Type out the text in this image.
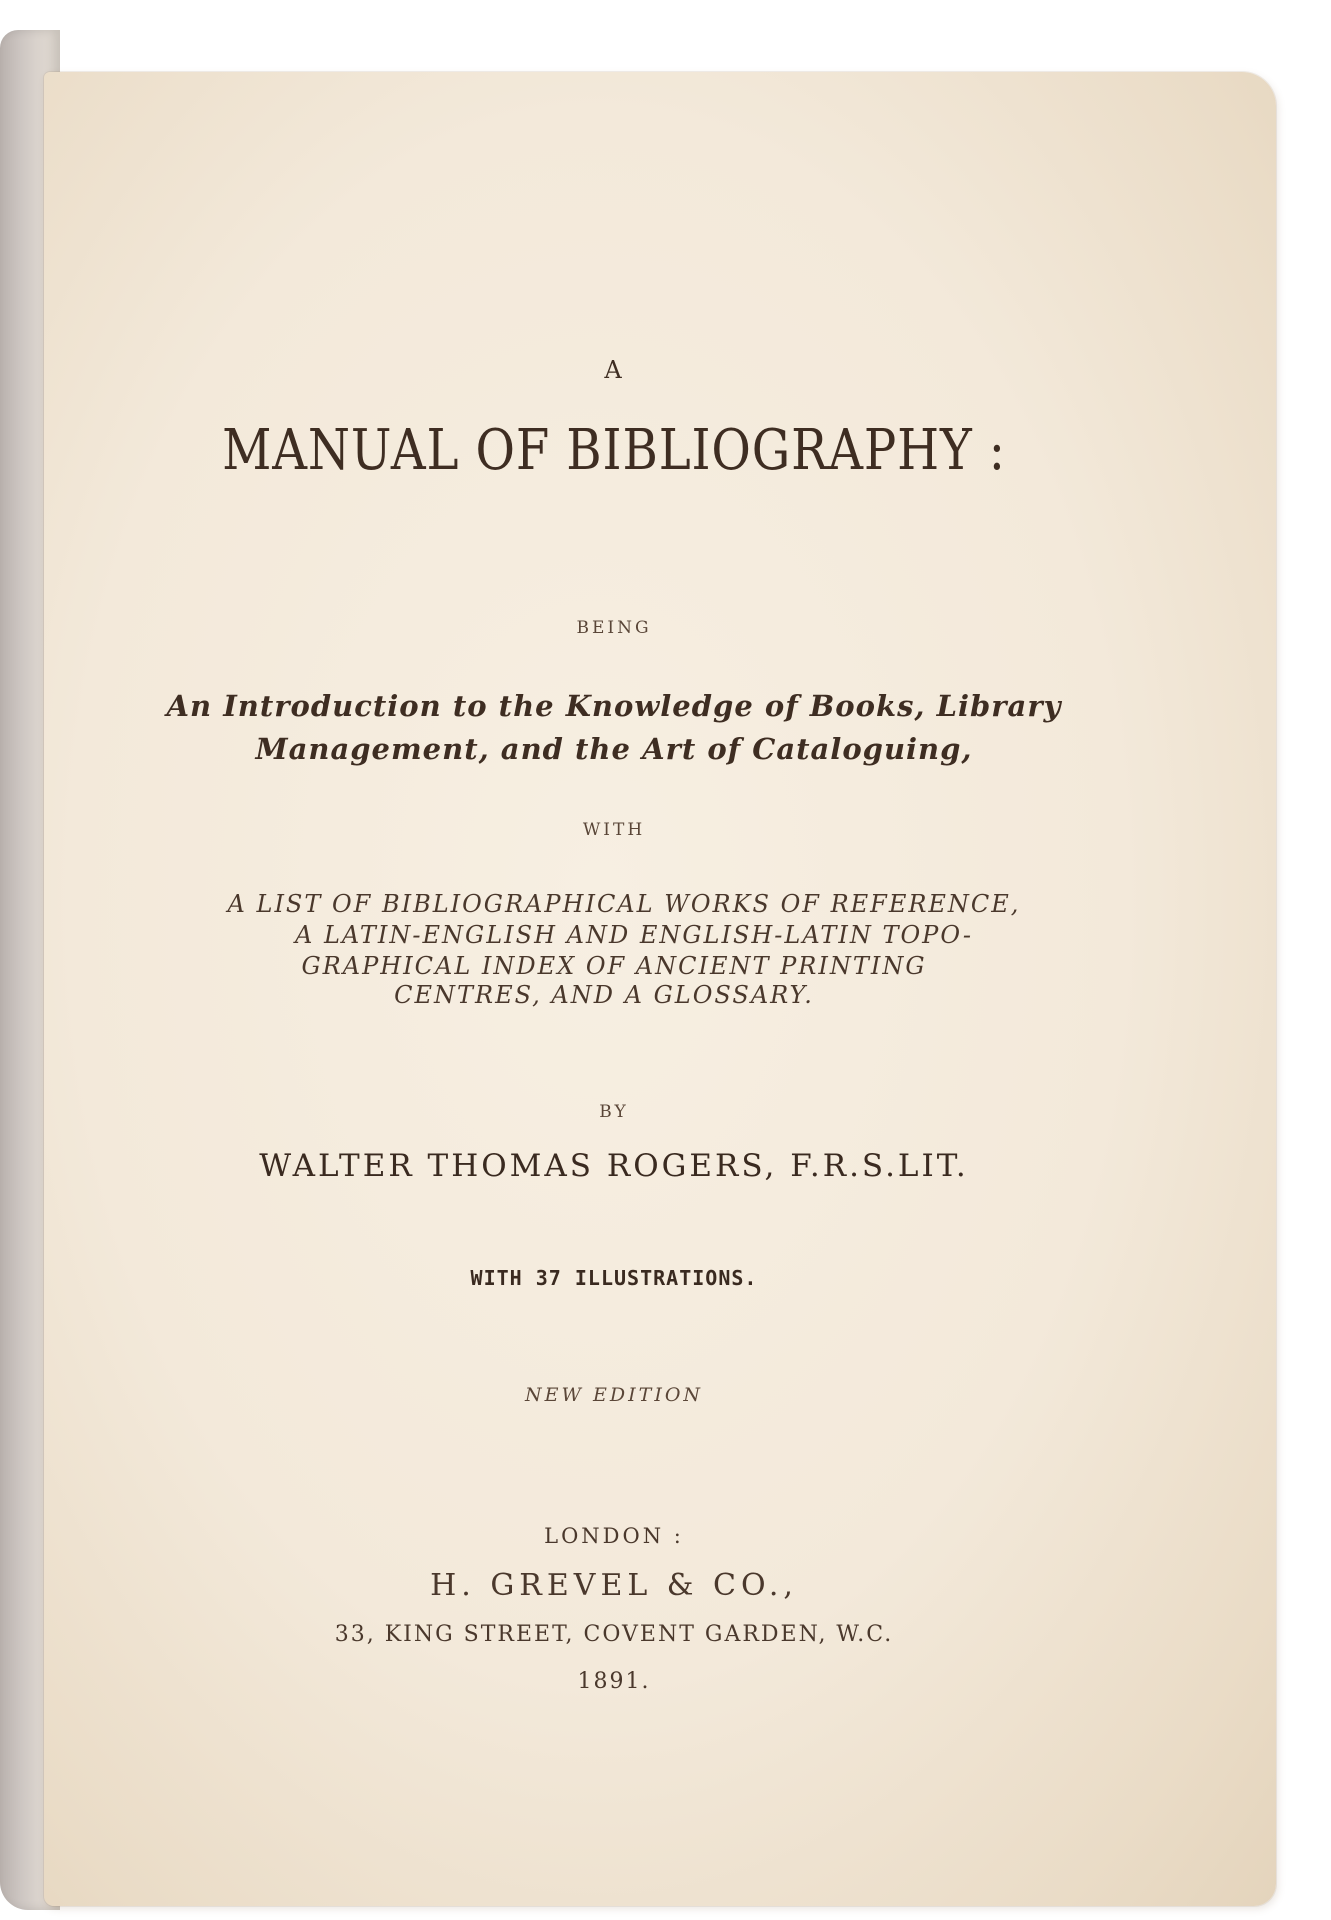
A
MANUAL OF BIBLIOGRAPHY :
BEING
An Introduction to the Knowledge of Books, Library
Management, and the Art of Cataloguing,
WITH
A LIST OF BIBLIOGRAPHICAL WORKS OF REFERENCE,
A LATIN-ENGLISH AND ENGLISH-LATIN TOPO-
GRAPHICAL INDEX OF ANCIENT PRINTING
CENTRES, AND A GLOSSARY.
BY
WALTER THOMAS ROGERS, F.R.S.LIT.
WITH 37 ILLUSTRATIONS.
NEW EDITION
LONDON :
H. GREVEL & CO.,
33, KING STREET, COVENT GARDEN, W.C.
1891.
